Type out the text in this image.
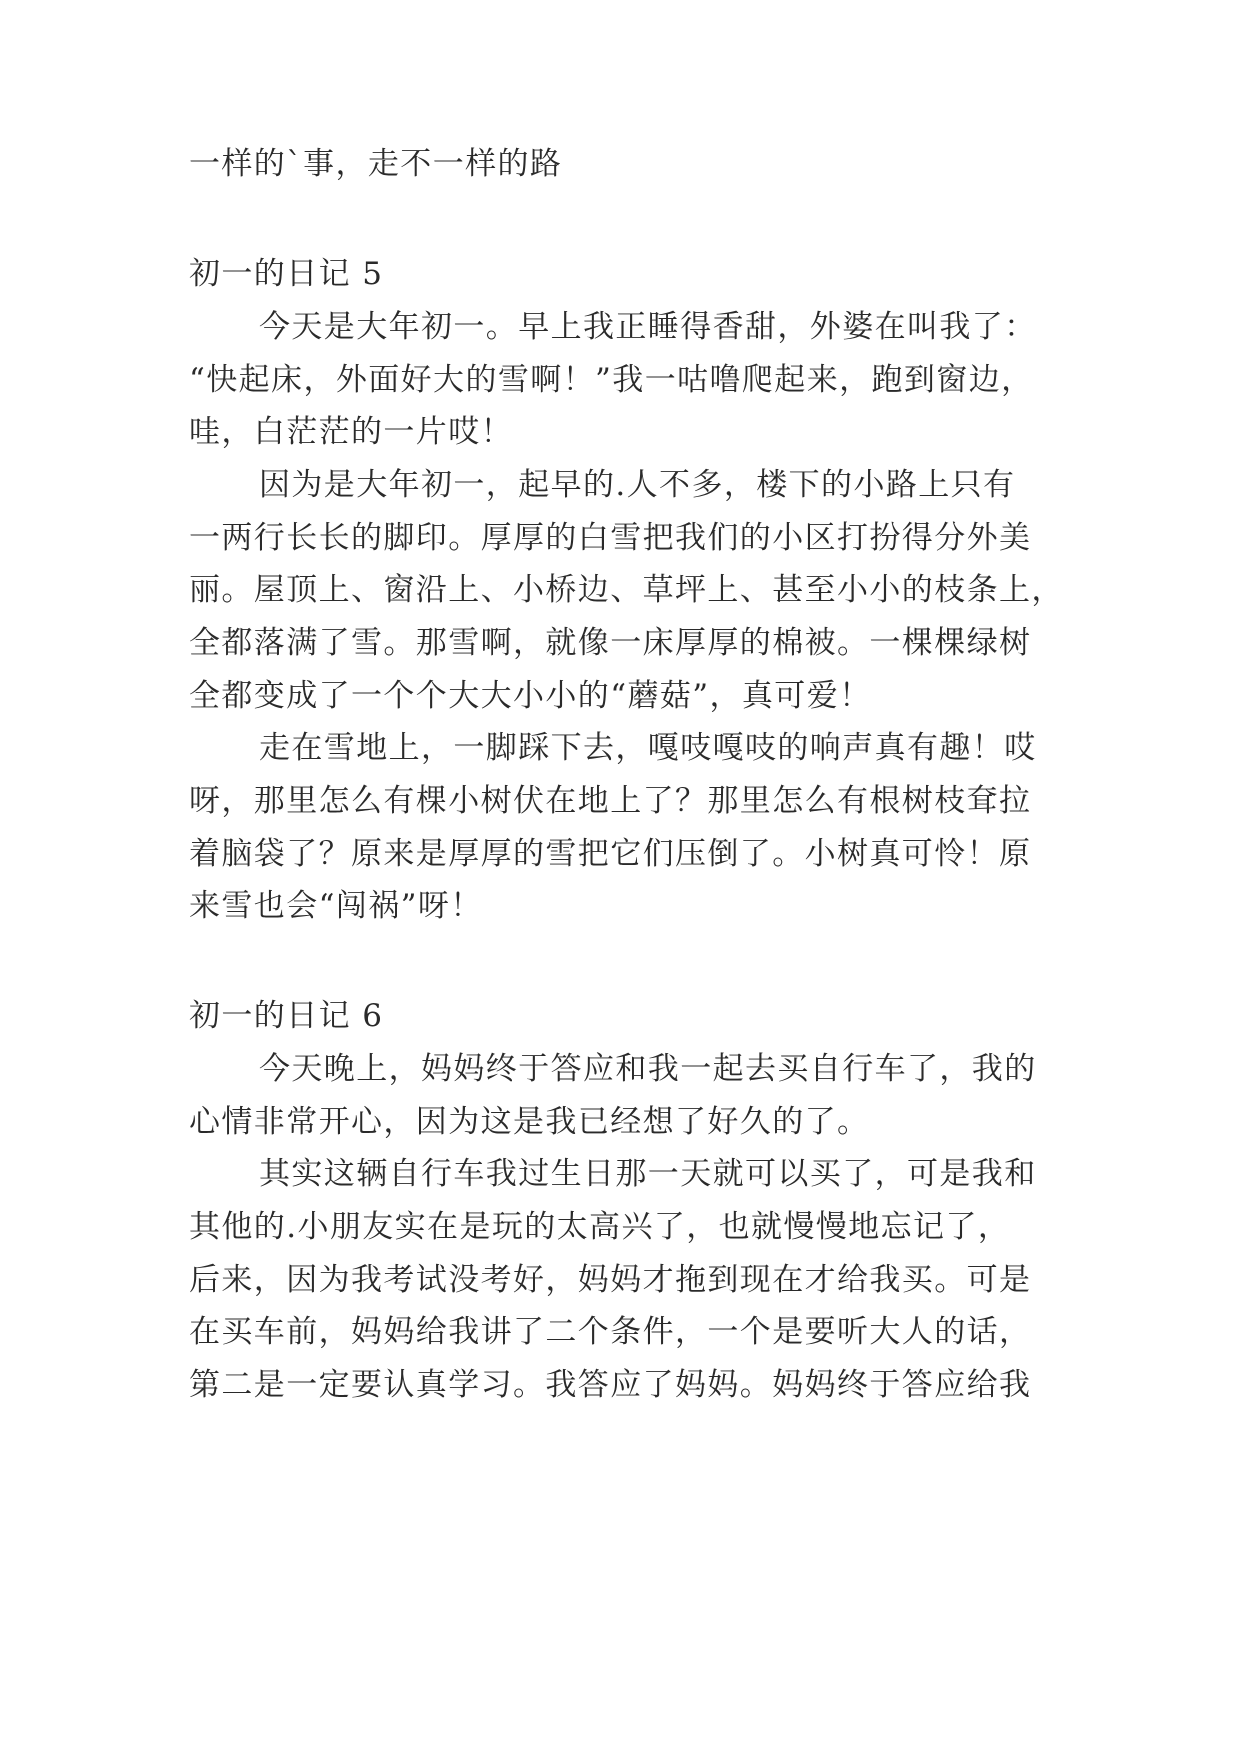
一样的`事，走不一样的路
初一的日记 5
今天是大年初一。早上我正睡得香甜，外婆在叫我了：
“快起床，外面好大的雪啊！”我一咕噜爬起来，跑到窗边，
哇，白茫茫的一片哎！
因为是大年初一，起早的.人不多，楼下的小路上只有
一两行长长的脚印。厚厚的白雪把我们的小区打扮得分外美
丽。屋顶上、窗沿上、小桥边、草坪上、甚至小小的枝条上，
全都落满了雪。那雪啊，就像一床厚厚的棉被。一棵棵绿树
全都变成了一个个大大小小的“蘑菇”，真可爱！
走在雪地上，一脚踩下去，嘎吱嘎吱的响声真有趣！哎
呀，那里怎么有棵小树伏在地上了？那里怎么有根树枝耷拉
着脑袋了？原来是厚厚的雪把它们压倒了。小树真可怜！原
来雪也会“闯祸”呀！
初一的日记 6
今天晚上，妈妈终于答应和我一起去买自行车了，我的
心情非常开心，因为这是我已经想了好久的了。
其实这辆自行车我过生日那一天就可以买了，可是我和
其他的.小朋友实在是玩的太高兴了，也就慢慢地忘记了，
后来，因为我考试没考好，妈妈才拖到现在才给我买。可是
在买车前，妈妈给我讲了二个条件，一个是要听大人的话，
第二是一定要认真学习。我答应了妈妈。妈妈终于答应给我
